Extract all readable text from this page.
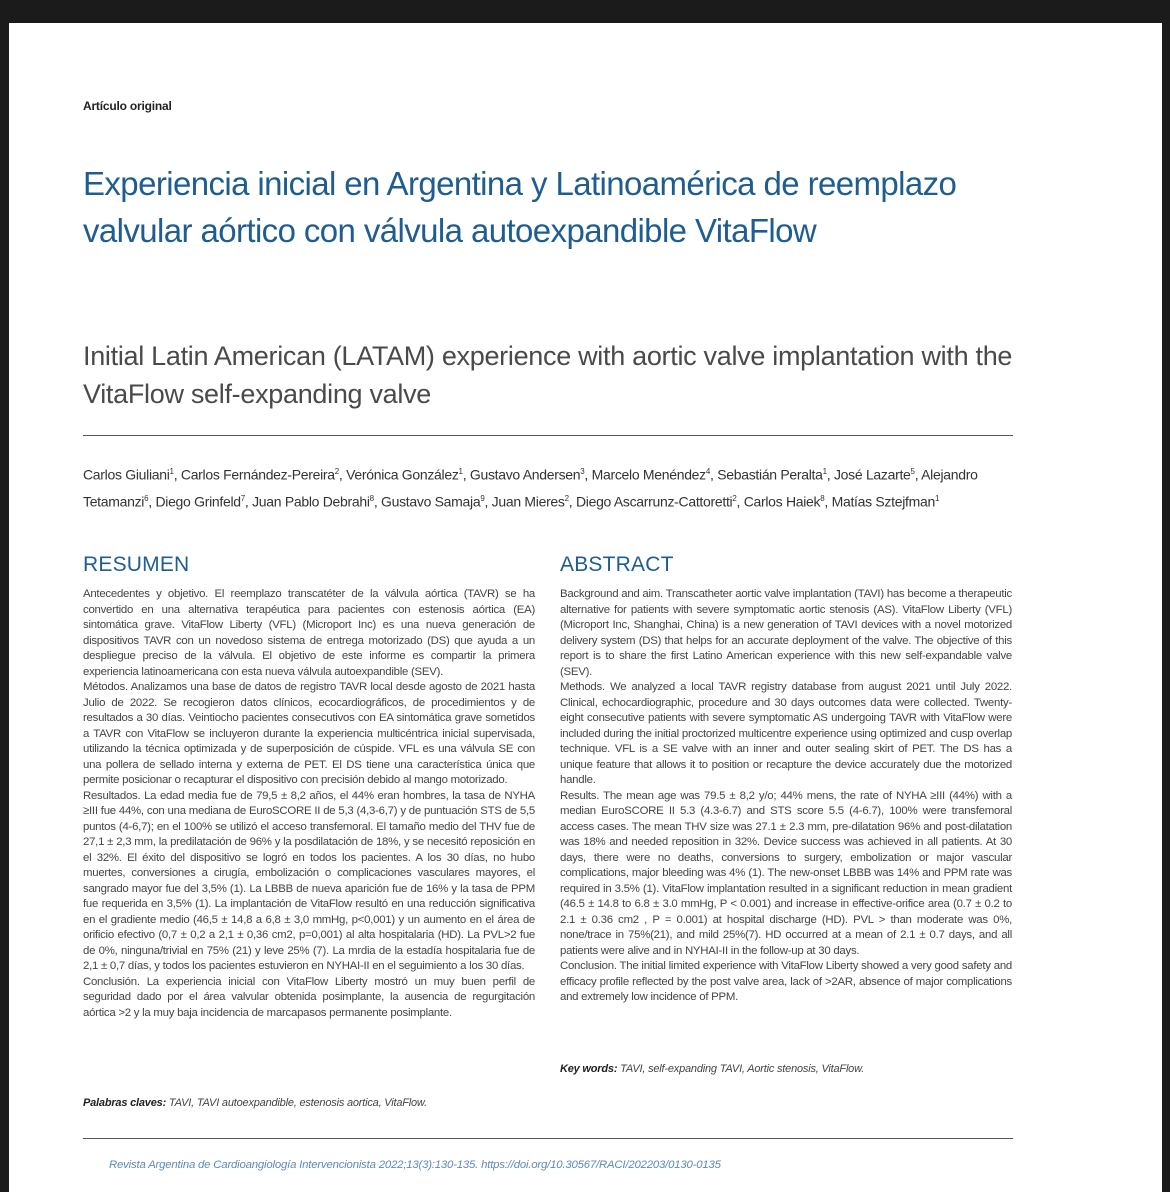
Artículo original
Experiencia inicial en Argentina y Latinoamérica de reemplazo valvular aórtico con válvula autoexpandible VitaFlow
Initial Latin American (LATAM) experience with aortic valve implantation with the VitaFlow self-expanding valve
Carlos Giuliani$^1$, Carlos Fernández-Pereira$^2$, Verónica González$^1$, Gustavo Andersen$^3$, Marcelo Menéndez$^4$, Sebastián Peralta$^1$, José Lazarte$^5$, Alejandro Tetamanzi$^6$, Diego Grinfeld$^7$, Juan Pablo Debrahi$^8$, Gustavo Samaja$^9$, Juan Mieres$^2$, Diego Ascarrunz-Cattoretti$^2$, Carlos Haiek$^8$, Matías Sztejfman$^1$
RESUMEN	ABSTRACT

Antecedentes y objetivo. El reemplazo transcatéter de la válvula aórtica (TAVR) se ha convertido en una alternativa terapéutica para pacientes con estenosis aórtica (EA) sintomática grave. VitaFlow Liberty (VFL) (Microport Inc) es una nueva generación de dispositivos TAVR con un novedoso sistema de entrega motorizado (DS) que ayuda a un despliegue preciso de la válvula. El objetivo de este informe es compartir la primera experiencia latinoamericana con esta nueva válvula autoexpandible (SEV).

Métodos. Analizamos una base de datos de registro TAVR local desde agosto de 2021 hasta Julio de 2022. Se recogieron datos clínicos, ecocardiográficos, de procedimientos y de resultados a 30 días. Veintiocho pacientes consecutivos con EA sintomática grave sometidos a TAVR con VitaFlow se incluyeron durante la experiencia multicéntrica inicial supervisada, utilizando la técnica optimizada y de superposición de cúspide. VFL es una válvula SE con una pollera de sellado interna y externa de PET. El DS tiene una característica única que permite posicionar o recapturar el dispositivo con precisión debido al mango motorizado.

Resultados. La edad media fue de 79,5 ± 8,2 años, el 44% eran hombres, la tasa de NYHA ≥III fue 44%, con una mediana de EuroSCORE II de 5,3 (4,3-6,7) y de puntuación STS de 5,5 puntos (4-6,7); en el 100% se utilizó el acceso transfemoral. El tamaño medio del THV fue de 27,1 ± 2,3 mm, la predilatación de 96% y la posdilatación de 18%, y se necesitó reposición en el 32%. El éxito del dispositivo se logró en todos los pacientes. A los 30 días, no hubo muertes, conversiones a cirugía, embolización o complicaciones vasculares mayores, el sangrado mayor fue del 3,5% (1). La LBBB de nueva aparición fue de 16% y la tasa de PPM fue requerida en 3,5% (1). La implantación de VitaFlow resultó en una reducción significativa en el gradiente medio (46,5 ± 14,8 a 6,8 ± 3,0 mmHg, p<0,001) y un aumento en el área de orificio efectivo (0,7 ± 0,2 a 2,1 ± 0,36 cm2, p=0,001) al alta hospitalaria (HD). La PVL>2 fue de 0%, ninguna/trivial en 75% (21) y leve 25% (7). La mrdia de la estadía hospitalaria fue de 2,1 ± 0,7 días, y todos los pacientes estuvieron en NYHAI-II en el seguimiento a los 30 días.

Conclusión. La experiencia inicial con VitaFlow Liberty mostró un muy buen perfil de seguridad dado por el área valvular obtenida posimplante, la ausencia de regurgitación aórtica >2 y la muy baja incidencia de marcapasos permanente posimplante.

Background and aim. Transcatheter aortic valve implantation (TAVI) has become a therapeutic alternative for patients with severe symptomatic aortic stenosis (AS). VitaFlow Liberty (VFL) (Microport Inc, Shanghai, China) is a new generation of TAVI devices with a novel motorized delivery system (DS) that helps for an accurate deployment of the valve. The objective of this report is to share the first Latino American experience with this new self-expandable valve (SEV).

Methods. We analyzed a local TAVR registry database from august 2021 until July 2022. Clinical, echocardiographic, procedure and 30 days outcomes data were collected. Twenty-eight consecutive patients with severe symptomatic AS undergoing TAVR with VitaFlow were included during the initial proctorized multicentre experience using optimized and cusp overlap technique. VFL is a SE valve with an inner and outer sealing skirt of PET. The DS has a unique feature that allows it to position or recapture the device accurately due the motorized handle.

Results. The mean age was 79.5 ± 8,2 y/o; 44% mens, the rate of NYHA ≥III (44%) with a median EuroSCORE II 5.3 (4.3-6.7) and STS score 5.5 (4-6.7), 100% were transfemoral access cases. The mean THV size was 27.1 ± 2.3 mm, pre-dilatation 96% and post-dilatation was 18% and needed reposition in 32%. Device success was achieved in all patients. At 30 days, there were no deaths, conversions to surgery, embolization or major vascular complications, major bleeding was 4% (1). The new-onset LBBB was 14% and PPM rate was required in 3.5% (1). VitaFlow implantation resulted in a significant reduction in mean gradient (46.5 ± 14.8 to 6.8 ± 3.0 mmHg, P < 0.001) and increase in effective-orifice area (0.7 ± 0.2 to 2.1 ± 0.36 cm2 , P = 0.001) at hospital discharge (HD). PVL > than moderate was 0%, none/trace in 75%(21), and mild 25%(7). HD occurred at a mean of 2.1 ± 0.7 days, and all patients were alive and in NYHAI-II in the follow-up at 30 days.

Conclusion. The initial limited experience with VitaFlow Liberty showed a very good safety and efficacy profile reflected by the post valve area, lack of >2AR, absence of major complications and extremely low incidence of PPM.

Palabras claves: TAVI, TAVI autoexpandible, estenosis aortica, VitaFlow.
Key words: TAVI, self-expanding TAVI, Aortic stenosis, VitaFlow.
Revista Argentina de Cardioangiología Intervencionista 2022;13(3):130-135. https://doi.org/10.30567/RACI/202203/0130-0135
